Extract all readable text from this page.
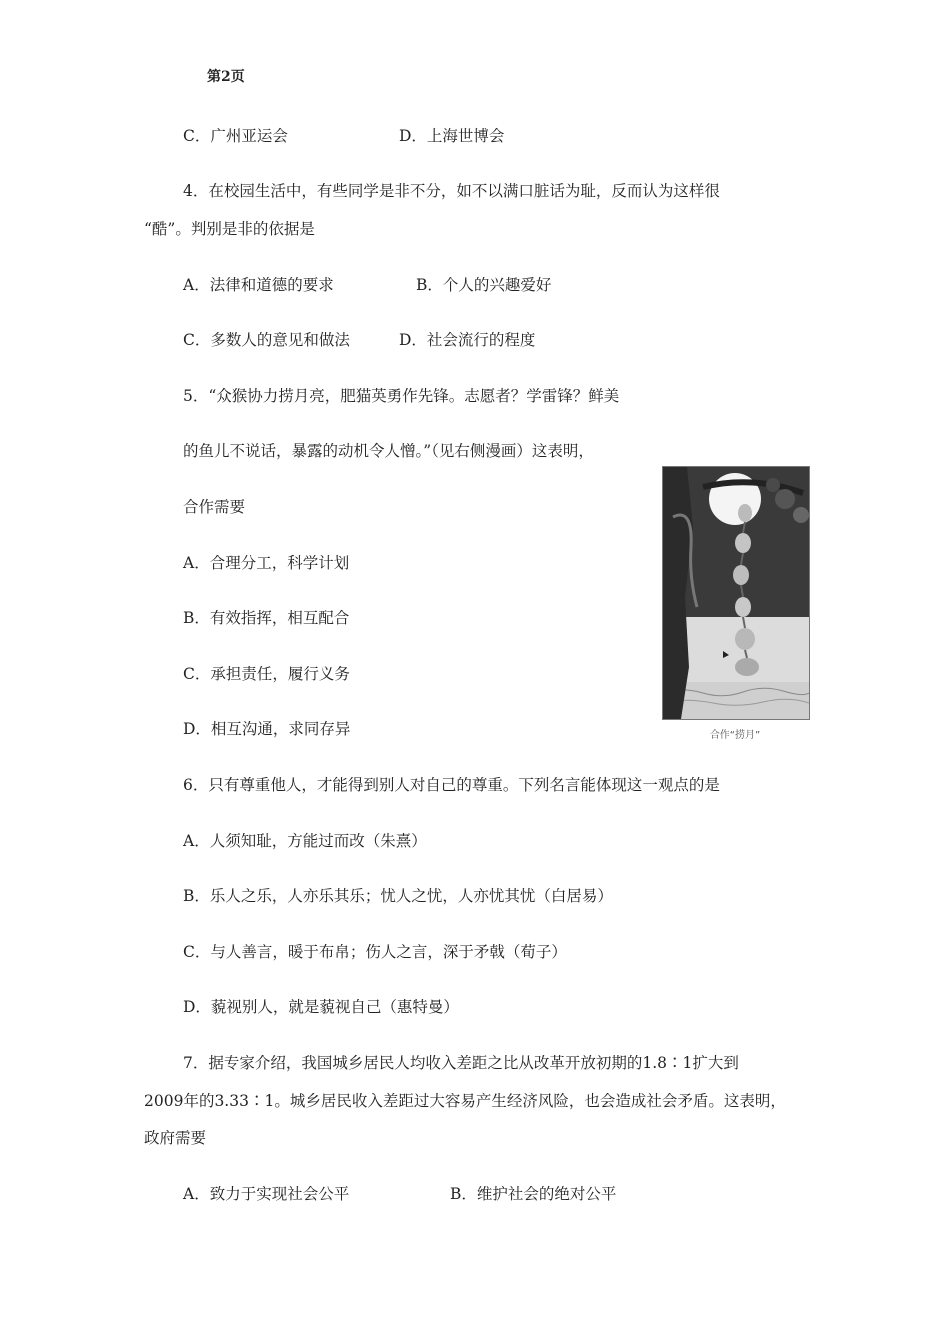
第2页
C．广州亚运会	D．上海世博会
4．在校园生活中，有些同学是非不分，如不以满口脏话为耻，反而认为这样很
“酷”。判别是非的依据是
A．法律和道德的要求	B．个人的兴趣爱好
C．多数人的意见和做法	D．社会流行的程度
5．“众猴协力捞月亮，肥猫英勇作先锋。志愿者？学雷锋？鲜美
的鱼儿不说话，暴露的动机令人憎。”（见右侧漫画）这表明，
合作需要
A．合理分工，科学计划
B．有效指挥，相互配合
C．承担责任，履行义务
D．相互沟通，求同存异	合作“捞月”
6．只有尊重他人，才能得到别人对自己的尊重。下列名言能体现这一观点的是
A．人须知耻，方能过而改（朱熹）
B．乐人之乐，人亦乐其乐；忧人之忧，人亦忧其忧（白居易）
C．与人善言，暖于布帛；伤人之言，深于矛戟（荀子）
D．藐视别人，就是藐视自己（惠特曼）
7．据专家介绍，我国城乡居民人均收入差距之比从改革开放初期的1.8∶1扩大到
2009年的3.33∶1。城乡居民收入差距过大容易产生经济风险，也会造成社会矛盾。这表明，
政府需要
A．致力于实现社会公平	B．维护社会的绝对公平
